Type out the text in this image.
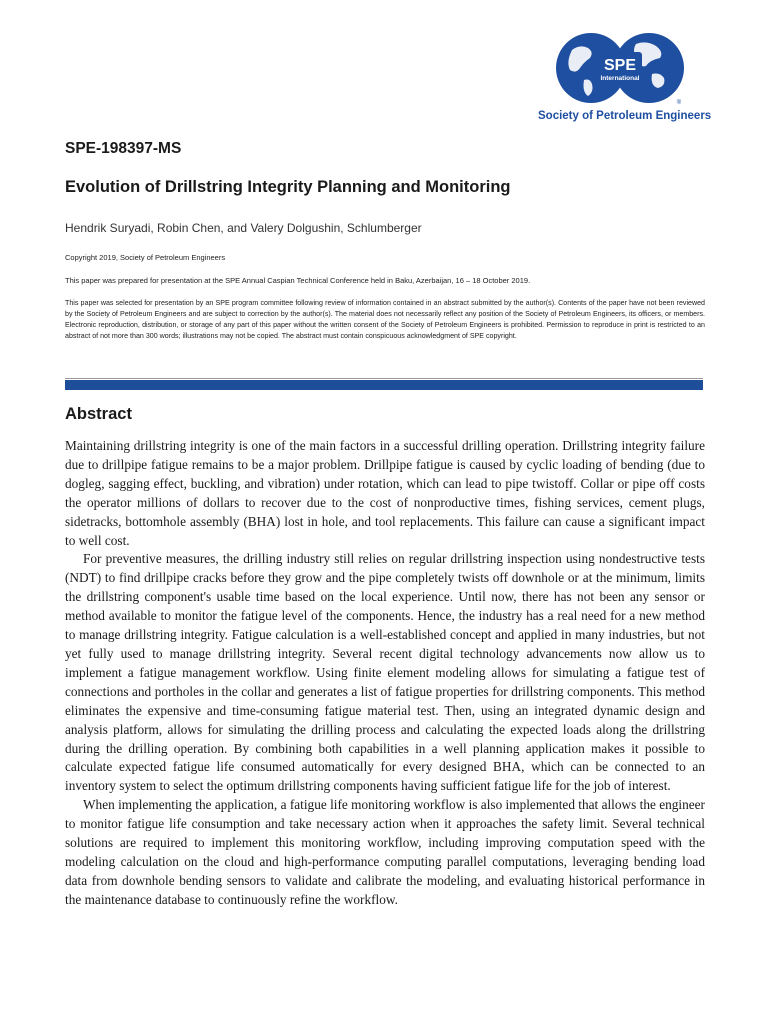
SPE
International
®
Society of Petroleum Engineers
SPE-198397-MS
Evolution of Drillstring Integrity Planning and Monitoring
Hendrik Suryadi, Robin Chen, and Valery Dolgushin, Schlumberger
Copyright 2019, Society of Petroleum Engineers
This paper was prepared for presentation at the SPE Annual Caspian Technical Conference held in Baku, Azerbaijan, 16 – 18 October 2019.
This paper was selected for presentation by an SPE program committee following review of information contained in an abstract submitted by the author(s). Contents of the paper have not been reviewed by the Society of Petroleum Engineers and are subject to correction by the author(s). The material does not necessarily reflect any position of the Society of Petroleum Engineers, its officers, or members. Electronic reproduction, distribution, or storage of any part of this paper without the written consent of the Society of Petroleum Engineers is prohibited. Permission to reproduce in print is restricted to an abstract of not more than 300 words; illustrations may not be copied. The abstract must contain conspicuous acknowledgment of SPE copyright.
Abstract

Maintaining drillstring integrity is one of the main factors in a successful drilling operation. Drillstring integrity failure due to drillpipe fatigue remains to be a major problem. Drillpipe fatigue is caused by cyclic loading of bending (due to dogleg, sagging effect, buckling, and vibration) under rotation, which can lead to pipe twistoff. Collar or pipe off costs the operator millions of dollars to recover due to the cost of nonproductive times, fishing services, cement plugs, sidetracks, bottomhole assembly (BHA) lost in hole, and tool replacements. This failure can cause a significant impact to well cost.

For preventive measures, the drilling industry still relies on regular drillstring inspection using nondestructive tests (NDT) to find drillpipe cracks before they grow and the pipe completely twists off downhole or at the minimum, limits the drillstring component's usable time based on the local experience. Until now, there has not been any sensor or method available to monitor the fatigue level of the components. Hence, the industry has a real need for a new method to manage drillstring integrity. Fatigue calculation is a well-established concept and applied in many industries, but not yet fully used to manage drillstring integrity. Several recent digital technology advancements now allow us to implement a fatigue management workflow. Using finite element modeling allows for simulating a fatigue test of connections and portholes in the collar and generates a list of fatigue properties for drillstring components. This method eliminates the expensive and time-consuming fatigue material test. Then, using an integrated dynamic design and analysis platform, allows for simulating the drilling process and calculating the expected loads along the drillstring during the drilling operation. By combining both capabilities in a well planning application makes it possible to calculate expected fatigue life consumed automatically for every designed BHA, which can be connected to an inventory system to select the optimum drillstring components having sufficient fatigue life for the job of interest.

When implementing the application, a fatigue life monitoring workflow is also implemented that allows the engineer to monitor fatigue life consumption and take necessary action when it approaches the safety limit. Several technical solutions are required to implement this monitoring workflow, including improving computation speed with the modeling calculation on the cloud and high-performance computing parallel computations, leveraging bending load data from downhole bending sensors to validate and calibrate the modeling, and evaluating historical performance in the maintenance database to continuously refine the workflow.
